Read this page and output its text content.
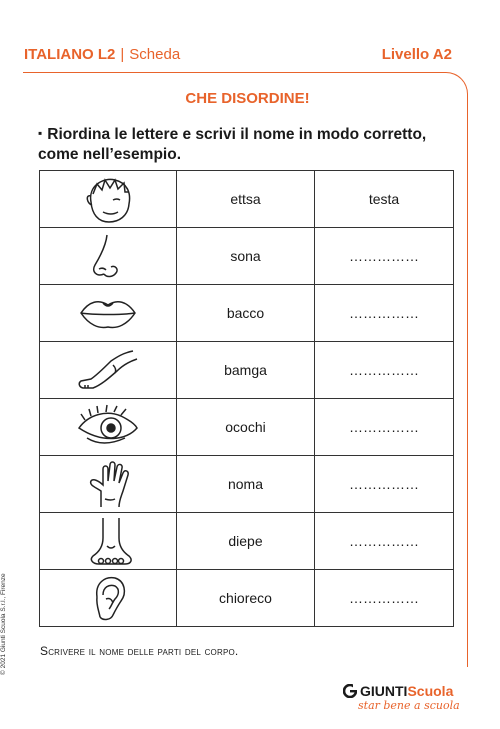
ITALIANO L2 | Scheda	Livello A2
CHE DISORDINE!
▪ Riordina le lettere e scrivi il nome in modo corretto, come nell’esempio.
	ettsa	testa

	sona	……………

	bacco	……………

	bamga	……………

	ocochi	……………

	noma	……………

	diepe	……………

	chioreco	……………
Scrivere il nome delle parti del corpo.
© 2021 Giunti Scuola S.r.l., Firenze
GIUNTI Scuola
star bene a scuola
